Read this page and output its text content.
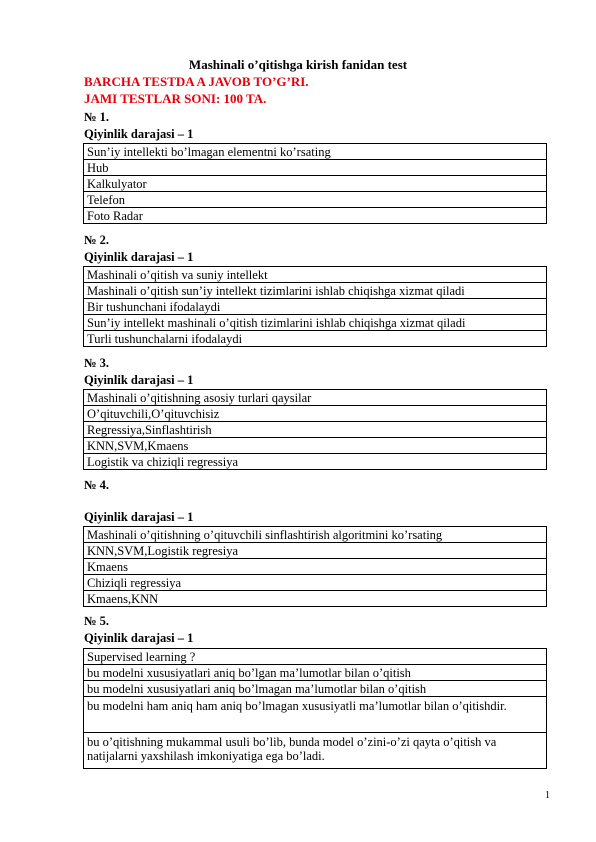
Mashinali o’qitishga kirish fanidan test
BARCHA TESTDA A JAVOB TO’G’RI.
JAMI TESTLAR SONI: 100 TA.
№ 1.
Qiyinlik darajasi – 1
Sun’iy intellekti bo’lmagan elementni ko’rsating
Hub
Kalkulyator
Telefon
Foto Radar
№ 2.
Qiyinlik darajasi – 1
Mashinali o’qitish va suniy intellekt
Mashinali o’qitish sun’iy intellekt tizimlarini ishlab chiqishga xizmat qiladi
Bir tushunchani ifodalaydi
Sun’iy intellekt mashinali o’qitish tizimlarini ishlab chiqishga xizmat qiladi
Turli tushunchalarni ifodalaydi
№ 3.
Qiyinlik darajasi – 1
Mashinali o’qitishning asosiy turlari qaysilar
O’qituvchili,O’qituvchisiz
Regressiya,Sinflashtirish
KNN,SVM,Kmaens
Logistik va chiziqli regressiya
№ 4.
Qiyinlik darajasi – 1
Mashinali o’qitishning o’qituvchili sinflashtirish algoritmini ko’rsating
KNN,SVM,Logistik regresiya
Kmaens
Chiziqli regressiya
Kmaens,KNN
№ 5.
Qiyinlik darajasi – 1
Supervised learning ?
bu modelni xususiyatlari aniq bo’lgan ma’lumotlar bilan o’qitish
bu modelni xususiyatlari aniq bo’lmagan ma’lumotlar bilan o’qitish
bu modelni ham aniq ham aniq bo’lmagan xususiyatli ma’lumotlar bilan o’qitishdir.
bu o’qitishning mukammal usuli bo’lib, bunda model o’zini-o’zi qayta o’qitish va natijalarni yaxshilash imkoniyatiga ega bo’ladi.
1
